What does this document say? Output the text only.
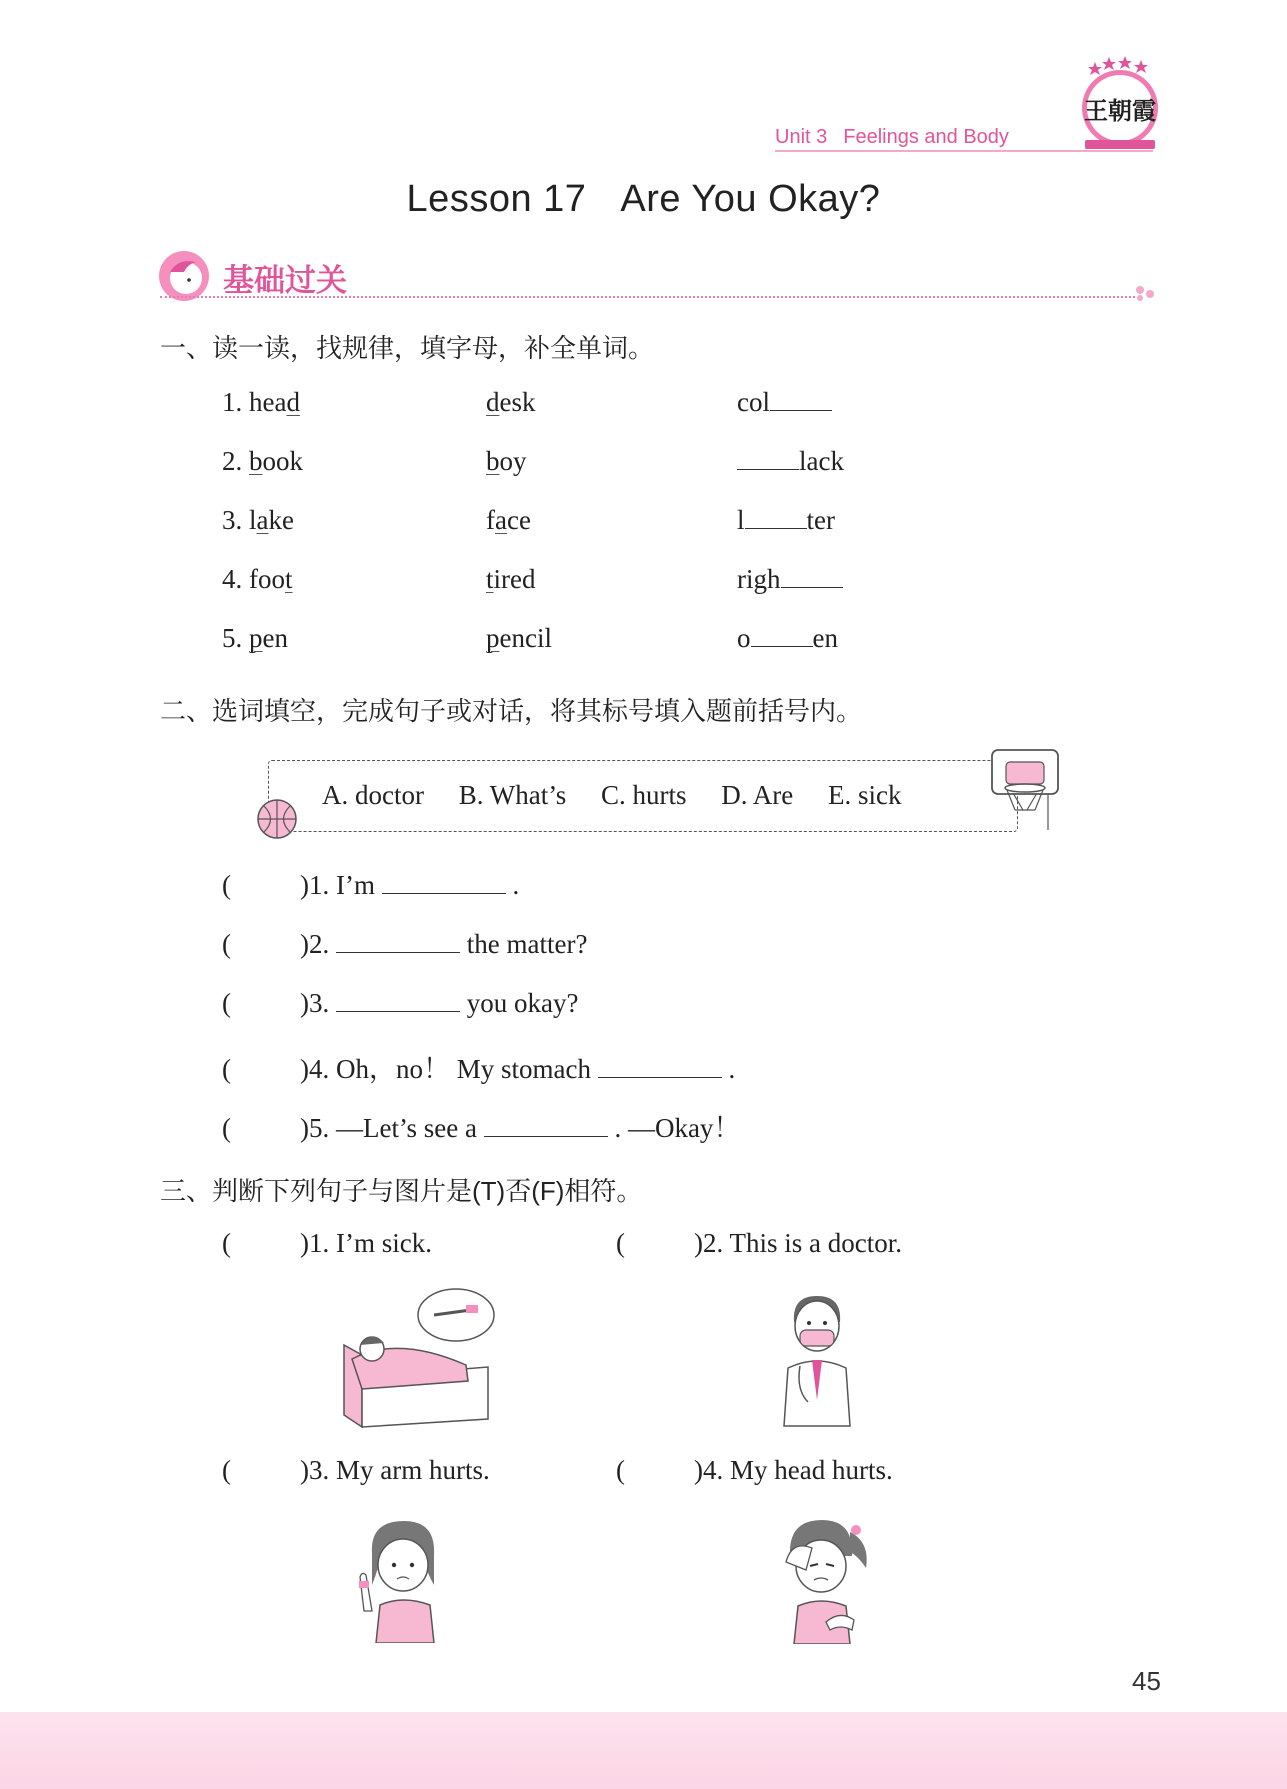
Unit 3 Feelings and Body
王朝霞
Lesson 17 Are You Okay?
基础过关
一、读一读，找规律，填字母，补全单词。
1. head	desk	col
2. book	boy	lack
3. lake	face	l ter
4. foot	tired	righ
5. pen	pencil	o en
二、选词填空，完成句子或对话，将其标号填入题前括号内。
A. doctor B. What’s C. hurts D. Are E. sick
(	)1. I’m	.
(	)2.	the matter?
(	)3.	you okay?
(	)4. Oh，no！ My stomach	.
(	)5. —Let’s see a	. —Okay！
三、判断下列句子与图片是(T)否(F)相符。
(	)1. I’m sick.	(	)2. This is a doctor.
(	)3. My arm hurts.	(	)4. My head hurts.
45
